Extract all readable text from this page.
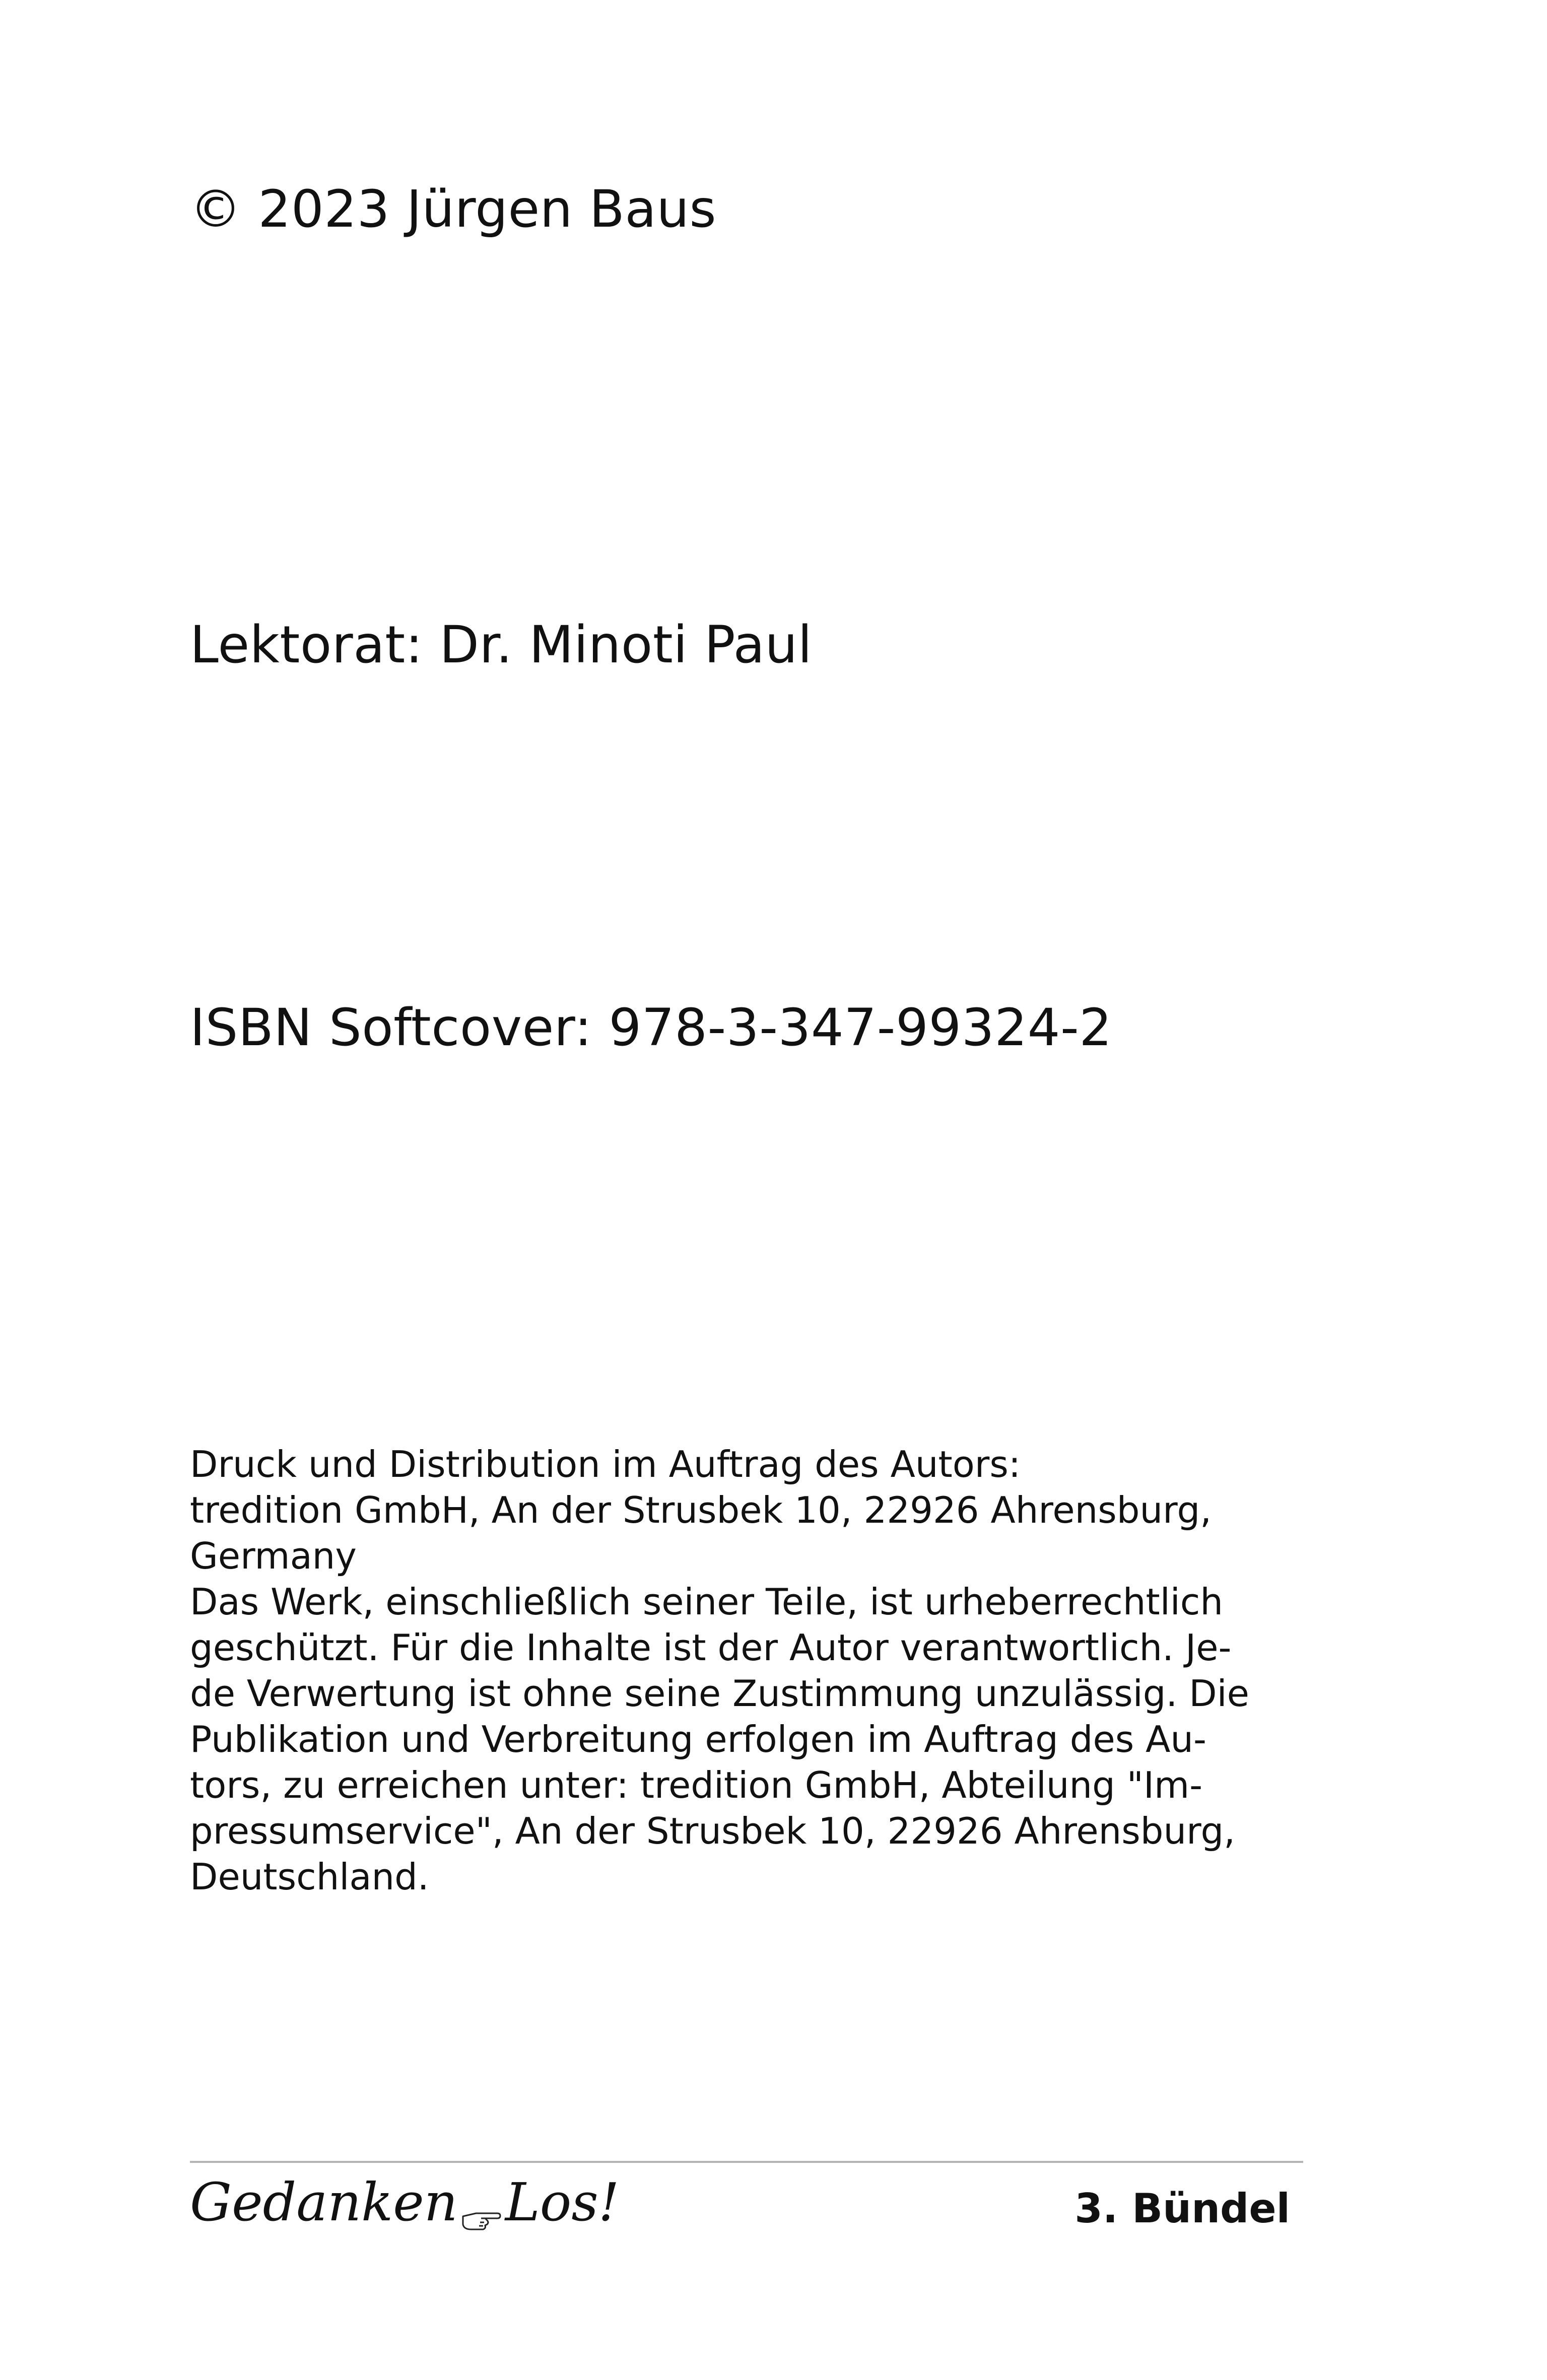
© 2023 Jürgen Baus
Lektorat: Dr. Minoti Paul
ISBN Softcover: 978-3-347-99324-2
Druck und Distribution im Auftrag des Autors:
tredition GmbH, An der Strusbek 10, 22926 Ahrensburg,
Germany
Das Werk, einschließlich seiner Teile, ist urheberrechtlich
geschützt. Für die Inhalte ist der Autor verantwortlich. Je-
de Verwertung ist ohne seine Zustimmung unzulässig. Die
Publikation und Verbreitung erfolgen im Auftrag des Au-
tors, zu erreichen unter: tredition GmbH, Abteilung "Im-
pressumservice", An der Strusbek 10, 22926 Ahrensburg,
Deutschland.
Gedanken Los!	3. Bündel
